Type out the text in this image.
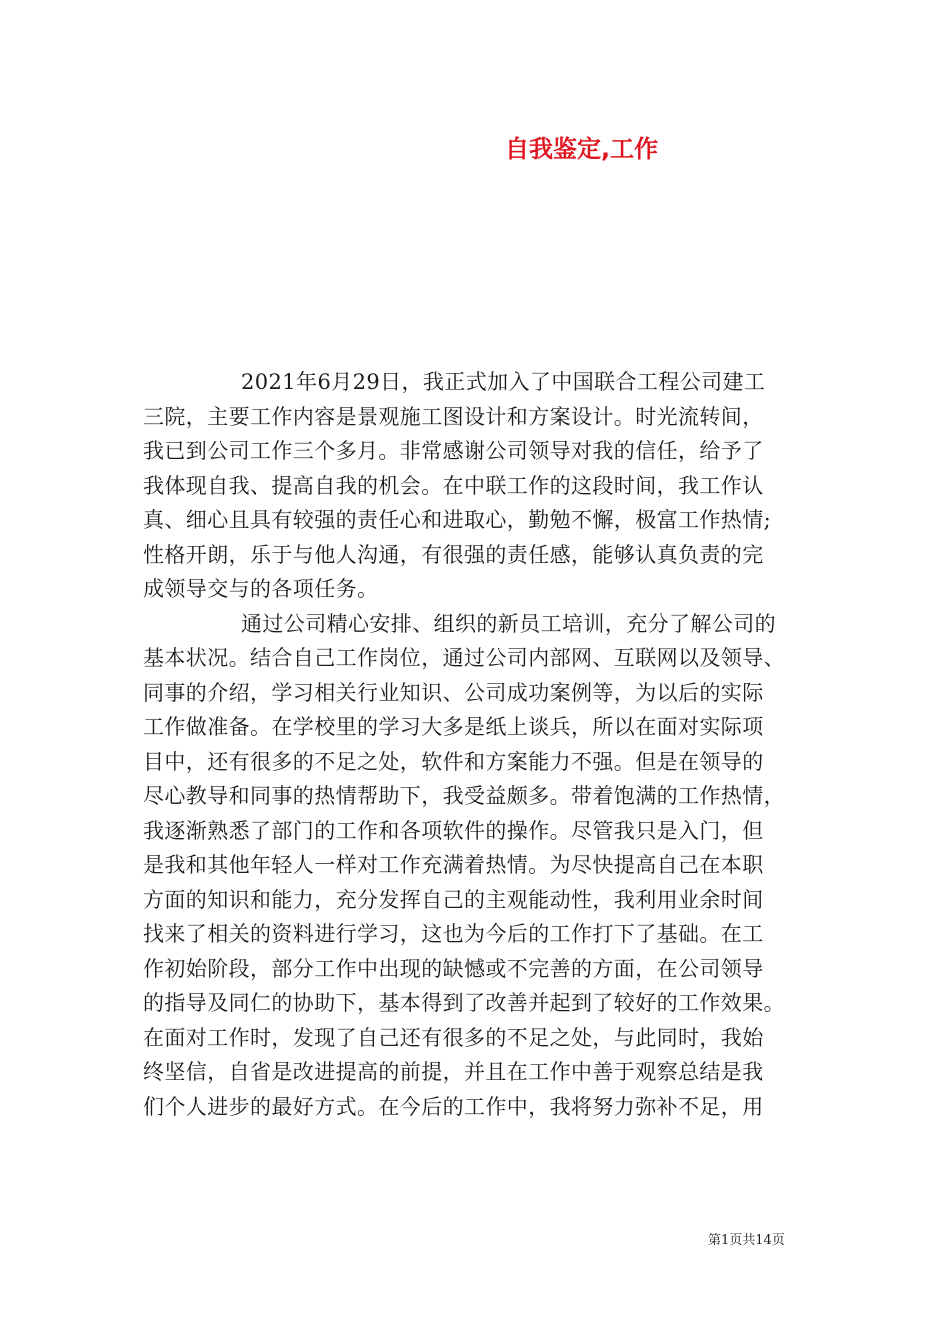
自我鉴定,工作
2021年6月29日，我正式加入了中国联合工程公司建工
三院，主要工作内容是景观施工图设计和方案设计。时光流转间，
我已到公司工作三个多月。非常感谢公司领导对我的信任，给予了
我体现自我、提高自我的机会。在中联工作的这段时间，我工作认
真、细心且具有较强的责任心和进取心，勤勉不懈，极富工作热情;
性格开朗，乐于与他人沟通，有很强的责任感，能够认真负责的完
成领导交与的各项任务。
通过公司精心安排、组织的新员工培训，充分了解公司的
基本状况。结合自己工作岗位，通过公司内部网、互联网以及领导、
同事的介绍，学习相关行业知识、公司成功案例等，为以后的实际
工作做准备。在学校里的学习大多是纸上谈兵，所以在面对实际项
目中，还有很多的不足之处，软件和方案能力不强。但是在领导的
尽心教导和同事的热情帮助下，我受益颇多。带着饱满的工作热情，
我逐渐熟悉了部门的工作和各项软件的操作。尽管我只是入门，但
是我和其他年轻人一样对工作充满着热情。为尽快提高自己在本职
方面的知识和能力，充分发挥自己的主观能动性，我利用业余时间
找来了相关的资料进行学习，这也为今后的工作打下了基础。在工
作初始阶段，部分工作中出现的缺憾或不完善的方面，在公司领导
的指导及同仁的协助下，基本得到了改善并起到了较好的工作效果。
在面对工作时，发现了自己还有很多的不足之处，与此同时，我始
终坚信，自省是改进提高的前提，并且在工作中善于观察总结是我
们个人进步的最好方式。在今后的工作中，我将努力弥补不足，用

第1页共14页
